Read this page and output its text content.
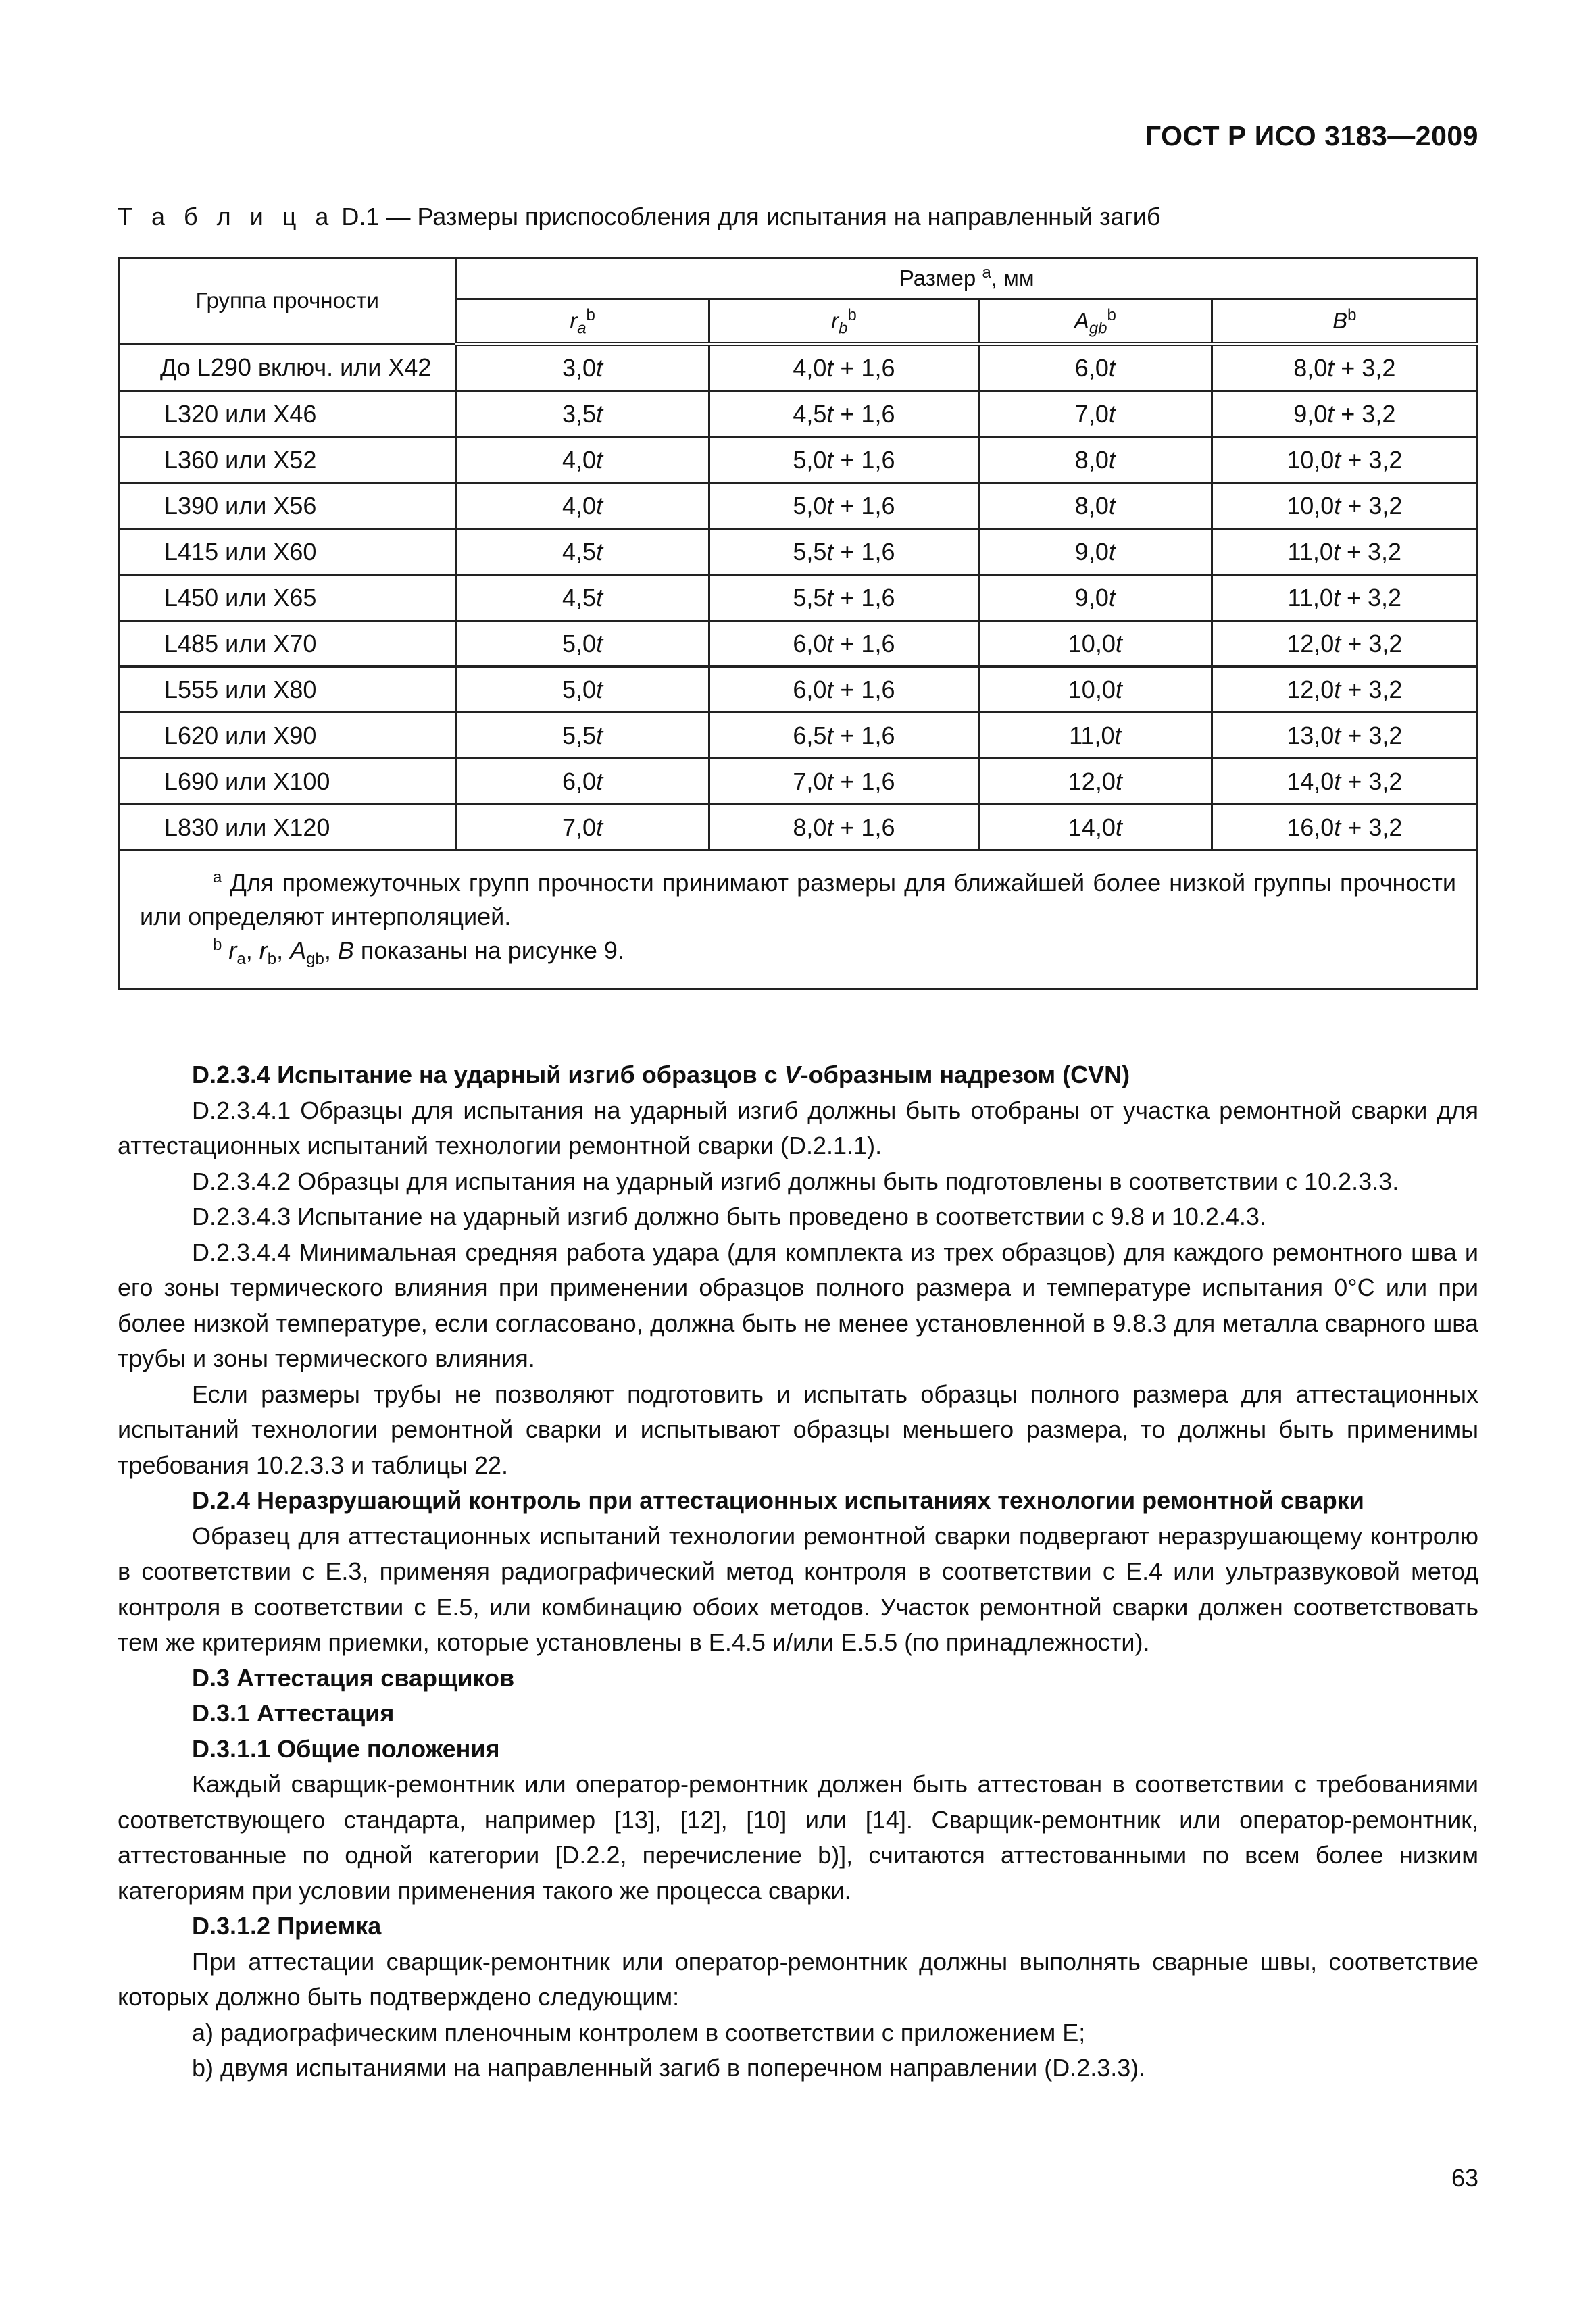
ГОСТ Р ИСО 3183—2009
Т а б л и ц а D.1 — Размеры приспособления для испытания на направленный загиб
Группа прочности	Размер $^a$, мм			
	$r_a^b$	$r_b^b$	$A_{gb}^b$	$B^b$
До L290 включ. или X42	3,0t	4,0t + 1,6	6,0t	8,0t + 3,2
L320 или X46	3,5t	4,5t + 1,6	7,0t	9,0t + 3,2
L360 или X52	4,0t	5,0t + 1,6	8,0t	10,0t + 3,2
L390 или X56	4,0t	5,0t + 1,6	8,0t	10,0t + 3,2
L415 или X60	4,5t	5,5t + 1,6	9,0t	11,0t + 3,2
L450 или X65	4,5t	5,5t + 1,6	9,0t	11,0t + 3,2
L485 или X70	5,0t	6,0t + 1,6	10,0t	12,0t + 3,2
L555 или X80	5,0t	6,0t + 1,6	10,0t	12,0t + 3,2
L620 или X90	5,5t	6,5t + 1,6	11,0t	13,0t + 3,2
L690 или X100	6,0t	7,0t + 1,6	12,0t	14,0t + 3,2
L830 или X120	7,0t	8,0t + 1,6	14,0t	16,0t + 3,2

$^a$ Для промежуточных групп прочности принимают размеры для ближайшей более низкой группы прочности или определяют интерполяцией.

$^b$ $r_a$, $r_b$, $A_{gb}$, B показаны на рисунке 9.				

D.2.3.4 Испытание на ударный изгиб образцов с V-образным надрезом (CVN)

D.2.3.4.1 Образцы для испытания на ударный изгиб должны быть отобраны от участка ремонтной сварки для аттестационных испытаний технологии ремонтной сварки (D.2.1.1).

D.2.3.4.2 Образцы для испытания на ударный изгиб должны быть подготовлены в соответствии с 10.2.3.3.

D.2.3.4.3 Испытание на ударный изгиб должно быть проведено в соответствии с 9.8 и 10.2.4.3.

D.2.3.4.4 Минимальная средняя работа удара (для комплекта из трех образцов) для каждого ремонтного шва и его зоны термического влияния при применении образцов полного размера и температуре испытания 0°С или при более низкой температуре, если согласовано, должна быть не менее установленной в 9.8.3 для металла сварного шва трубы и зоны термического влияния.

Если размеры трубы не позволяют подготовить и испытать образцы полного размера для аттестационных испытаний технологии ремонтной сварки и испытывают образцы меньшего размера, то должны быть применимы требования 10.2.3.3 и таблицы 22.

D.2.4 Неразрушающий контроль при аттестационных испытаниях технологии ремонтной сварки

Образец для аттестационных испытаний технологии ремонтной сварки подвергают неразрушающему контролю в соответствии с Е.3, применяя радиографический метод контроля в соответствии с Е.4 или ультразвуковой метод контроля в соответствии с Е.5, или комбинацию обоих методов. Участок ремонтной сварки должен соответствовать тем же критериям приемки, которые установлены в Е.4.5 и/или Е.5.5 (по принадлежности).

D.3 Аттестация сварщиков

D.3.1 Аттестация

D.3.1.1 Общие положения

Каждый сварщик-ремонтник или оператор-ремонтник должен быть аттестован в соответствии с требованиями соответствующего стандарта, например [13], [12], [10] или [14]. Сварщик-ремонтник или оператор-ремонтник, аттестованные по одной категории [D.2.2, перечисление b)], считаются аттестованными по всем более низким категориям при условии применения такого же процесса сварки.

D.3.1.2 Приемка

При аттестации сварщик-ремонтник или оператор-ремонтник должны выполнять сварные швы, соответствие которых должно быть подтверждено следующим:

а) радиографическим пленочным контролем в соответствии с приложением Е;

b) двумя испытаниями на направленный загиб в поперечном направлении (D.2.3.3).

63
